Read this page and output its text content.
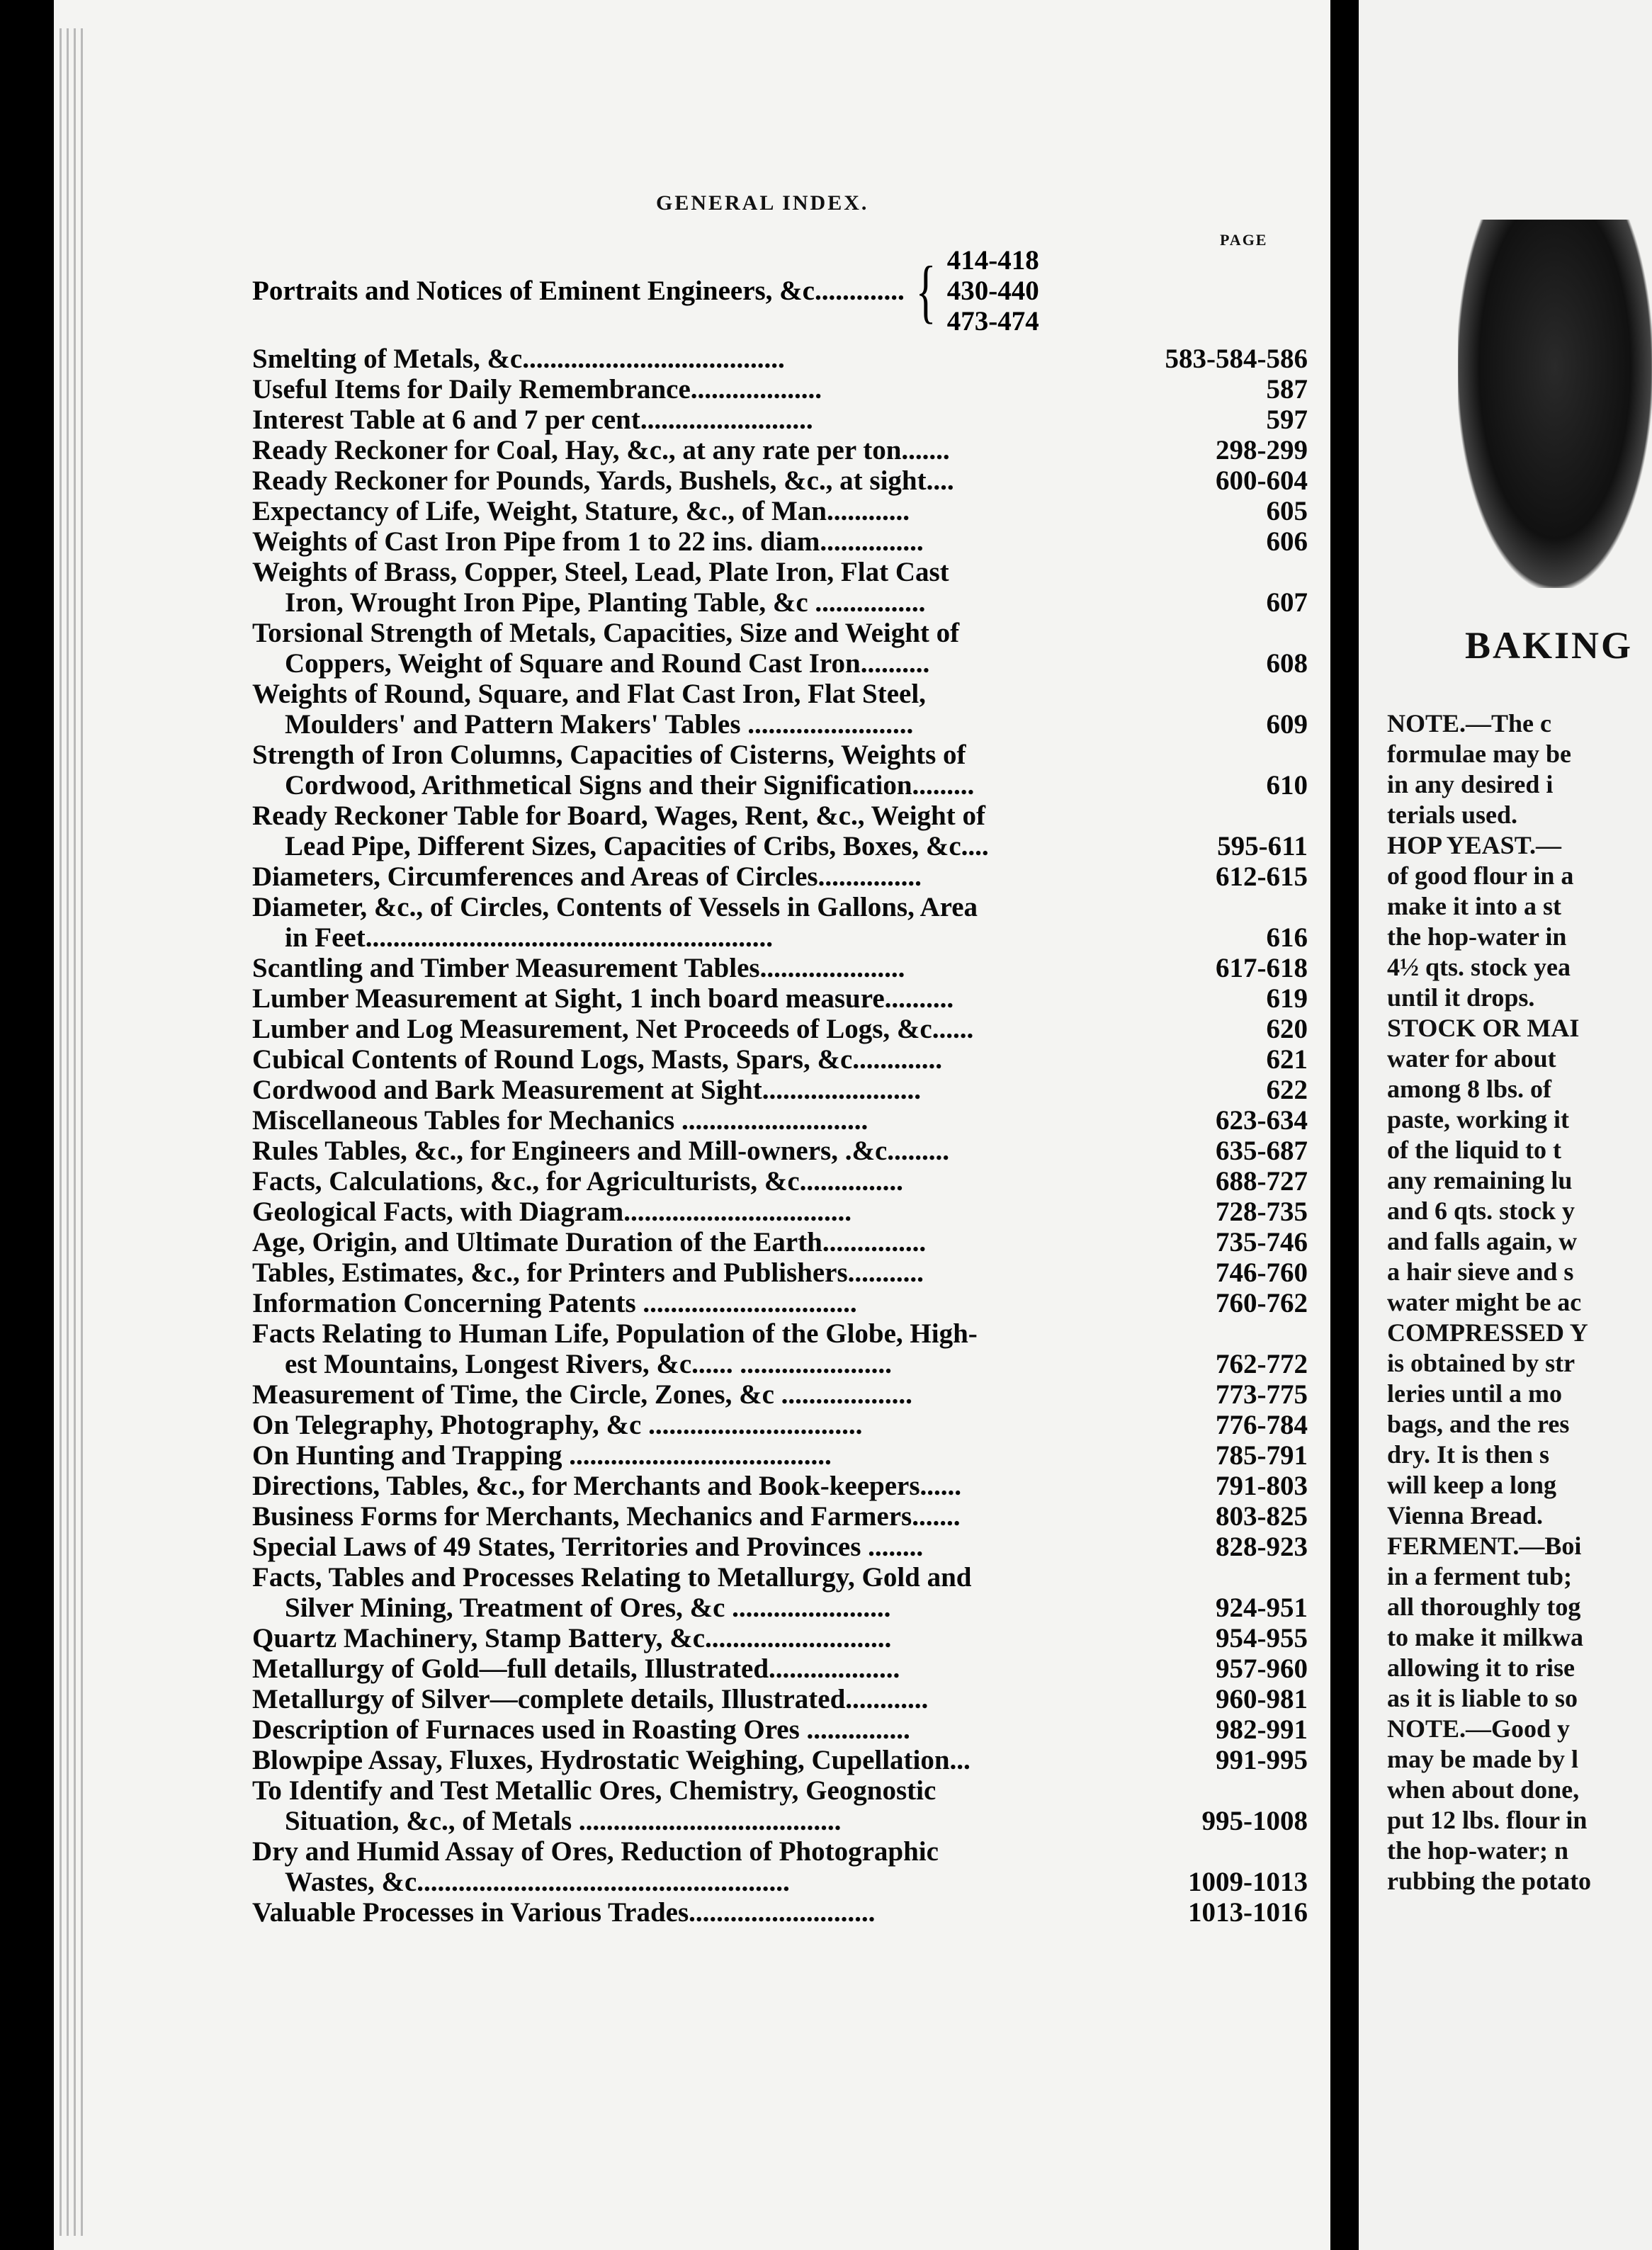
GENERAL INDEX.
PAGE
Portraits and Notices of Eminent Engineers, &c............. { 414-418
430-440
473-474
Smelting of Metals, &c......................................	583-584-586
Useful Items for Daily Remembrance...................	587
Interest Table at 6 and 7 per cent.........................	597
Ready Reckoner for Coal, Hay, &c., at any rate per ton.......	298-299
Ready Reckoner for Pounds, Yards, Bushels, &c., at sight....	600-604
Expectancy of Life, Weight, Stature, &c., of Man............	605
Weights of Cast Iron Pipe from 1 to 22 ins. diam...............	606
Weights of Brass, Copper, Steel, Lead, Plate Iron, Flat Cast
Iron, Wrought Iron Pipe, Planting Table, &c ................	607
Torsional Strength of Metals, Capacities, Size and Weight of
Coppers, Weight of Square and Round Cast Iron..........	608
Weights of Round, Square, and Flat Cast Iron, Flat Steel,
Moulders' and Pattern Makers' Tables ........................	609
Strength of Iron Columns, Capacities of Cisterns, Weights of
Cordwood, Arithmetical Signs and their Signification.........	610
Ready Reckoner Table for Board, Wages, Rent, &c., Weight of
Lead Pipe, Different Sizes, Capacities of Cribs, Boxes, &c....	595-611
Diameters, Circumferences and Areas of Circles...............	612-615
Diameter, &c., of Circles, Contents of Vessels in Gallons, Area
in Feet...........................................................	616
Scantling and Timber Measurement Tables.....................	617-618
Lumber Measurement at Sight, 1 inch board measure..........	619
Lumber and Log Measurement, Net Proceeds of Logs, &c......	620
Cubical Contents of Round Logs, Masts, Spars, &c.............	621
Cordwood and Bark Measurement at Sight.......................	622
Miscellaneous Tables for Mechanics ...........................	623-634
Rules Tables, &c., for Engineers and Mill-owners, .&c.........	635-687
Facts, Calculations, &c., for Agriculturists, &c...............	688-727
Geological Facts, with Diagram.................................	728-735
Age, Origin, and Ultimate Duration of the Earth...............	735-746
Tables, Estimates, &c., for Printers and Publishers...........	746-760
Information Concerning Patents ...............................	760-762
Facts Relating to Human Life, Population of the Globe, High-
est Mountains, Longest Rivers, &c...... ......................	762-772
Measurement of Time, the Circle, Zones, &c ...................	773-775
On Telegraphy, Photography, &c ...............................	776-784
On Hunting and Trapping ......................................	785-791
Directions, Tables, &c., for Merchants and Book-keepers......	791-803
Business Forms for Merchants, Mechanics and Farmers.......	803-825
Special Laws of 49 States, Territories and Provinces ........	828-923
Facts, Tables and Processes Relating to Metallurgy, Gold and
Silver Mining, Treatment of Ores, &c .......................	924-951
Quartz Machinery, Stamp Battery, &c...........................	954-955
Metallurgy of Gold—full details, Illustrated...................	957-960
Metallurgy of Silver—complete details, Illustrated............	960-981
Description of Furnaces used in Roasting Ores ...............	982-991
Blowpipe Assay, Fluxes, Hydrostatic Weighing, Cupellation...	991-995
To Identify and Test Metallic Ores, Chemistry, Geognostic
Situation, &c., of Metals ......................................	995-1008
Dry and Humid Assay of Ores, Reduction of Photographic
Wastes, &c......................................................	1009-1013
Valuable Processes in Various Trades...........................	1013-1016
BAKING
NOTE.—The c
formulae may be
in any desired i
terials used.
HOP YEAST.—
of good flour in a
make it into a st
the hop-water in
4½ qts. stock yea
until it drops.
STOCK OR MAI
water for about
among 8 lbs. of
paste, working it
of the liquid to t
any remaining lu
and 6 qts. stock y
and falls again, w
a hair sieve and s
water might be ac
COMPRESSED Y
is obtained by str
leries until a mo
bags, and the res
dry. It is then s
will keep a long
Vienna Bread.
FERMENT.—Boi
in a ferment tub;
all thoroughly tog
to make it milkwa
allowing it to rise
as it is liable to so
NOTE.—Good y
may be made by l
when about done,
put 12 lbs. flour in
the hop-water; n
rubbing the potato
